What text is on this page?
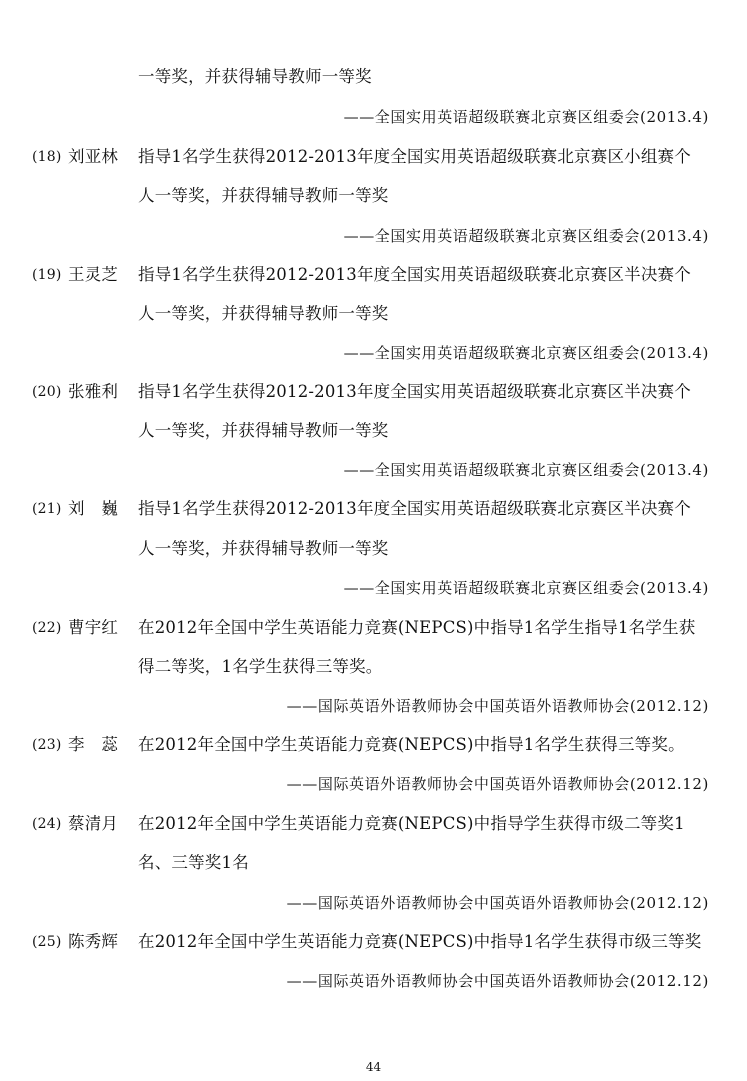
一等奖，并获得辅导教师一等奖
——全国实用英语超级联赛北京赛区组委会(2013.4)
(18) 刘亚林 指导1名学生获得2012-2013年度全国实用英语超级联赛北京赛区小组赛个
人一等奖，并获得辅导教师一等奖
——全国实用英语超级联赛北京赛区组委会(2013.4)
(19) 王灵芝 指导1名学生获得2012-2013年度全国实用英语超级联赛北京赛区半决赛个
人一等奖，并获得辅导教师一等奖
——全国实用英语超级联赛北京赛区组委会(2013.4)
(20) 张雅利 指导1名学生获得2012-2013年度全国实用英语超级联赛北京赛区半决赛个
人一等奖，并获得辅导教师一等奖
——全国实用英语超级联赛北京赛区组委会(2013.4)
(21) 刘　巍 指导1名学生获得2012-2013年度全国实用英语超级联赛北京赛区半决赛个
人一等奖，并获得辅导教师一等奖
——全国实用英语超级联赛北京赛区组委会(2013.4)
(22) 曹宇红 在2012年全国中学生英语能力竞赛(NEPCS)中指导1名学生指导1名学生获
得二等奖，1名学生获得三等奖。
——国际英语外语教师协会中国英语外语教师协会(2012.12)
(23) 李　蕊 在2012年全国中学生英语能力竞赛(NEPCS)中指导1名学生获得三等奖。
——国际英语外语教师协会中国英语外语教师协会(2012.12)
(24) 蔡清月 在2012年全国中学生英语能力竞赛(NEPCS)中指导学生获得市级二等奖1
名、三等奖1名
——国际英语外语教师协会中国英语外语教师协会(2012.12)
(25) 陈秀辉 在2012年全国中学生英语能力竞赛(NEPCS)中指导1名学生获得市级三等奖
——国际英语外语教师协会中国英语外语教师协会(2012.12)
44
